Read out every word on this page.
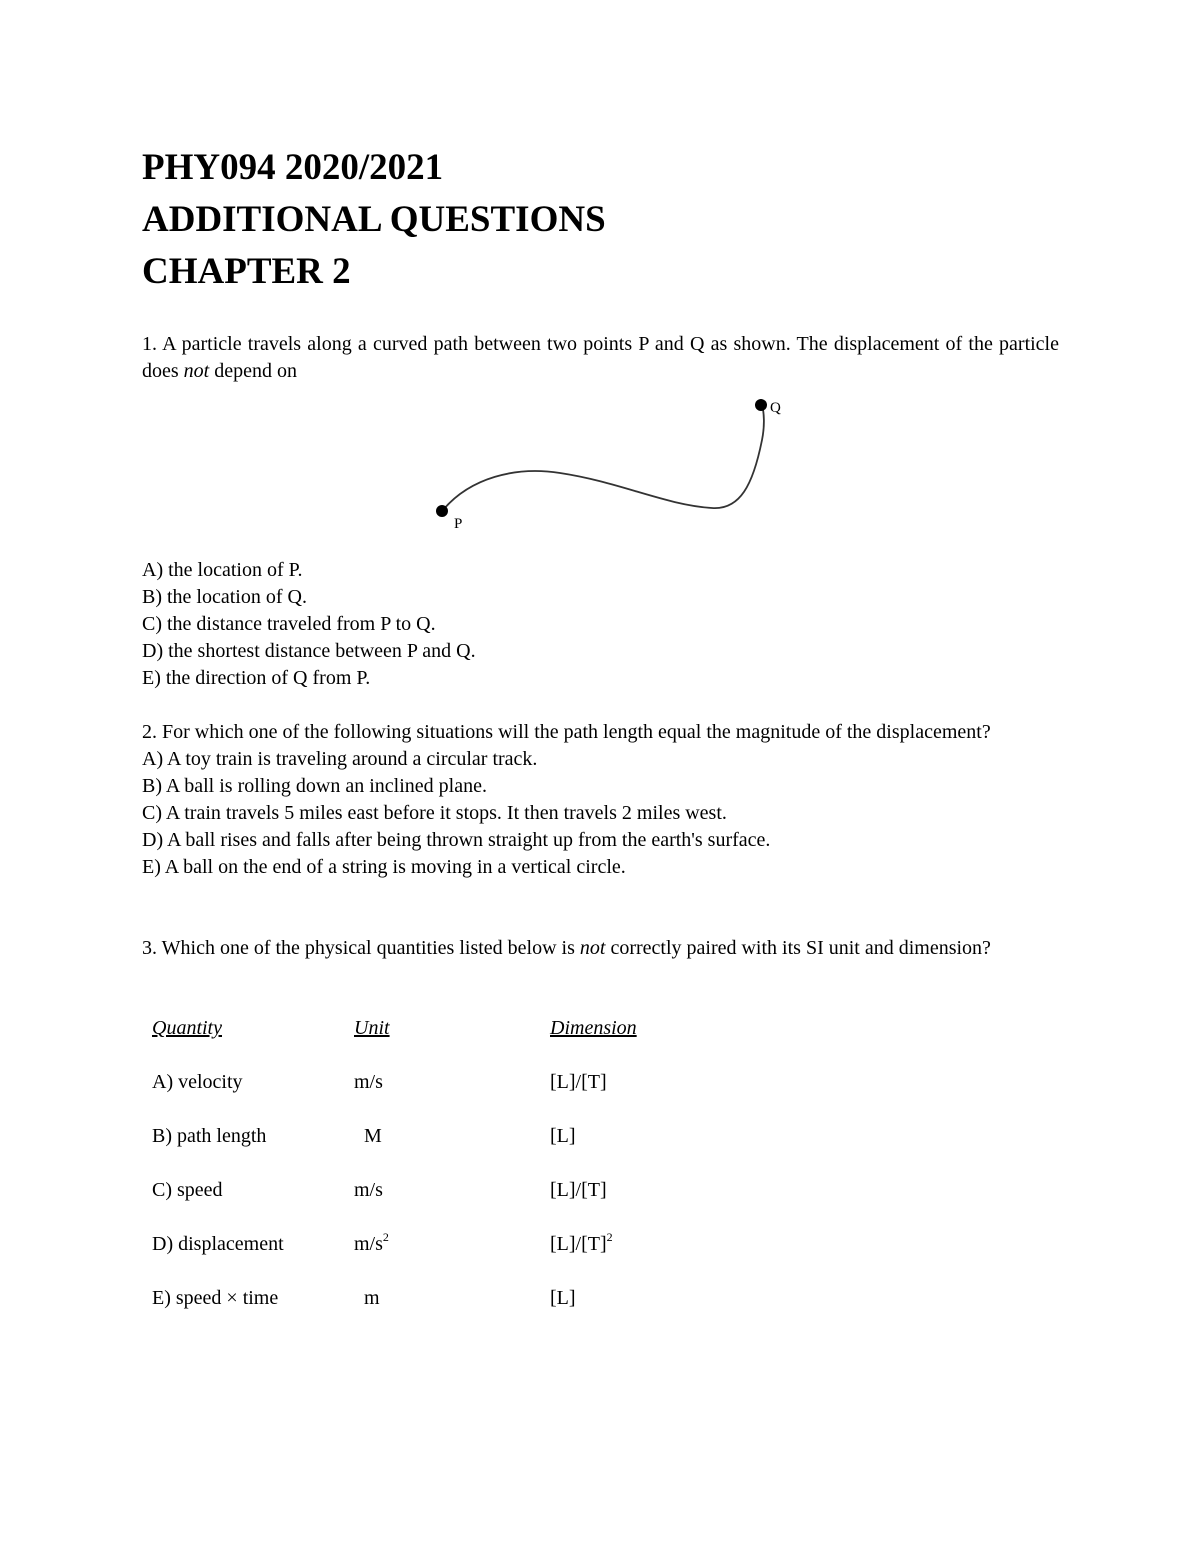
PHY094 2020/2021
ADDITIONAL QUESTIONS
CHAPTER 2

1. A particle travels along a curved path between two points P and Q as shown. The displacement of the particle does not depend on

P
Q
A) the location of P.
B) the location of Q.
C) the distance traveled from P to Q.
D) the shortest distance between P and Q.
E) the direction of Q from P.

2. For which one of the following situations will the path length equal the magnitude of the displacement?

A) A toy train is traveling around a circular track.
B) A ball is rolling down an inclined plane.
C) A train travels 5 miles east before it stops. It then travels 2 miles west.
D) A ball rises and falls after being thrown straight up from the earth's surface.
E) A ball on the end of a string is moving in a vertical circle.

3. Which one of the physical quantities listed below is not correctly paired with its SI unit and dimension?

Quantity	Unit	Dimension
A) velocity	m/s	[L]/[T]
B) path length	M	[L]
C) speed	m/s	[L]/[T]
D) displacement	$m/s^2$	$[L]/[T]^2$
E) speed × time	m	[L]
